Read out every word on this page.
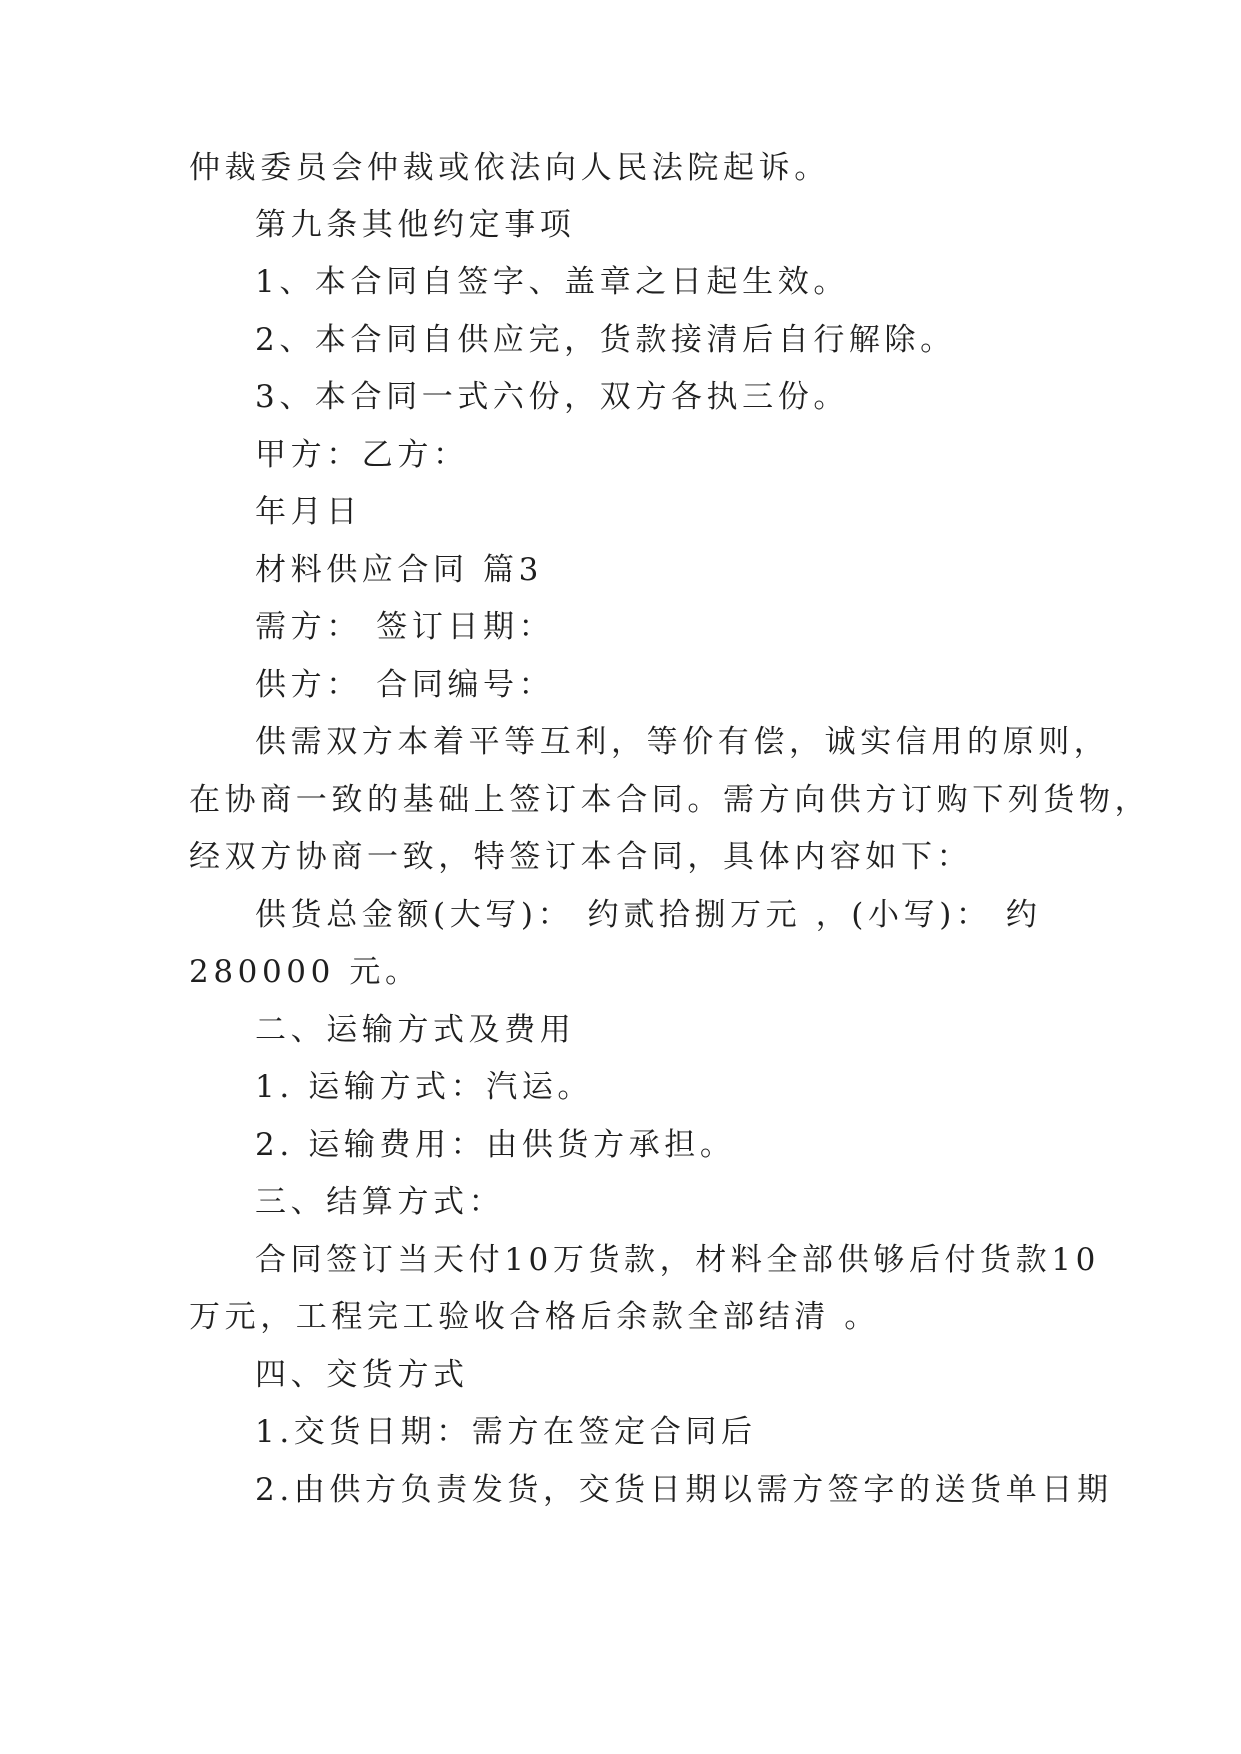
仲裁委员会仲裁或依法向人民法院起诉。
第九条其他约定事项
1、本合同自签字、盖章之日起生效。
2、本合同自供应完，货款接清后自行解除。
3、本合同一式六份，双方各执三份。
甲方：乙方：
年月日
材料供应合同 篇3
需方： 签订日期：
供方： 合同编号：
供需双方本着平等互利，等价有偿，诚实信用的原则，
在协商一致的基础上签订本合同。需方向供方订购下列货物，
经双方协商一致，特签订本合同，具体内容如下：
供货总金额(大写)： 约贰拾捌万元 ，(小写)： 约
280000 元。
二、运输方式及费用
1. 运输方式：汽运。
2. 运输费用：由供货方承担。
三、结算方式：
合同签订当天付10万货款，材料全部供够后付货款10
万元，工程完工验收合格后余款全部结清 。
四、交货方式
1.交货日期：需方在签定合同后
2.由供方负责发货，交货日期以需方签字的送货单日期
